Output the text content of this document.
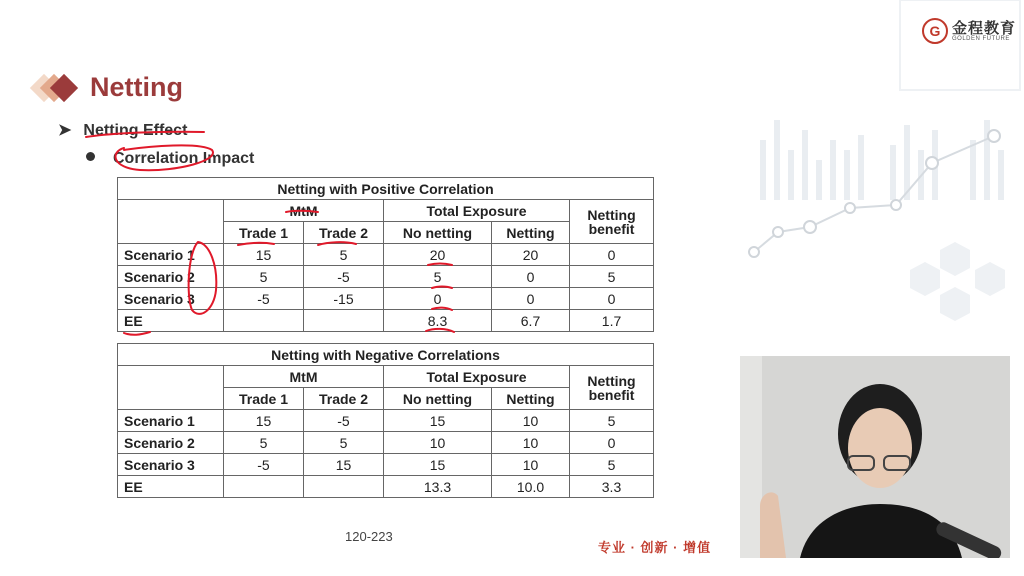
G 金程教育
GOLDEN FUTURE
Netting
➤ Netting Effect
Correlation Impact
Netting with Positive Correlation					
	MtM		Total Exposure		Netting benefit
	Trade 1	Trade 2	No netting	Netting	
Scenario 1	15	5	20	20	0
Scenario 2	5	-5	5	0	5
Scenario 3	-5	-15	0	0	0
EE			8.3	6.7	1.7
Netting with Negative Correlations					
	MtM		Total Exposure		Netting benefit
	Trade 1	Trade 2	No netting	Netting	
Scenario 1	15	-5	15	10	5
Scenario 2	5	5	10	10	0
Scenario 3	-5	15	15	10	5
EE			13.3	10.0	3.3
120-223
专业 · 创新 · 增值
